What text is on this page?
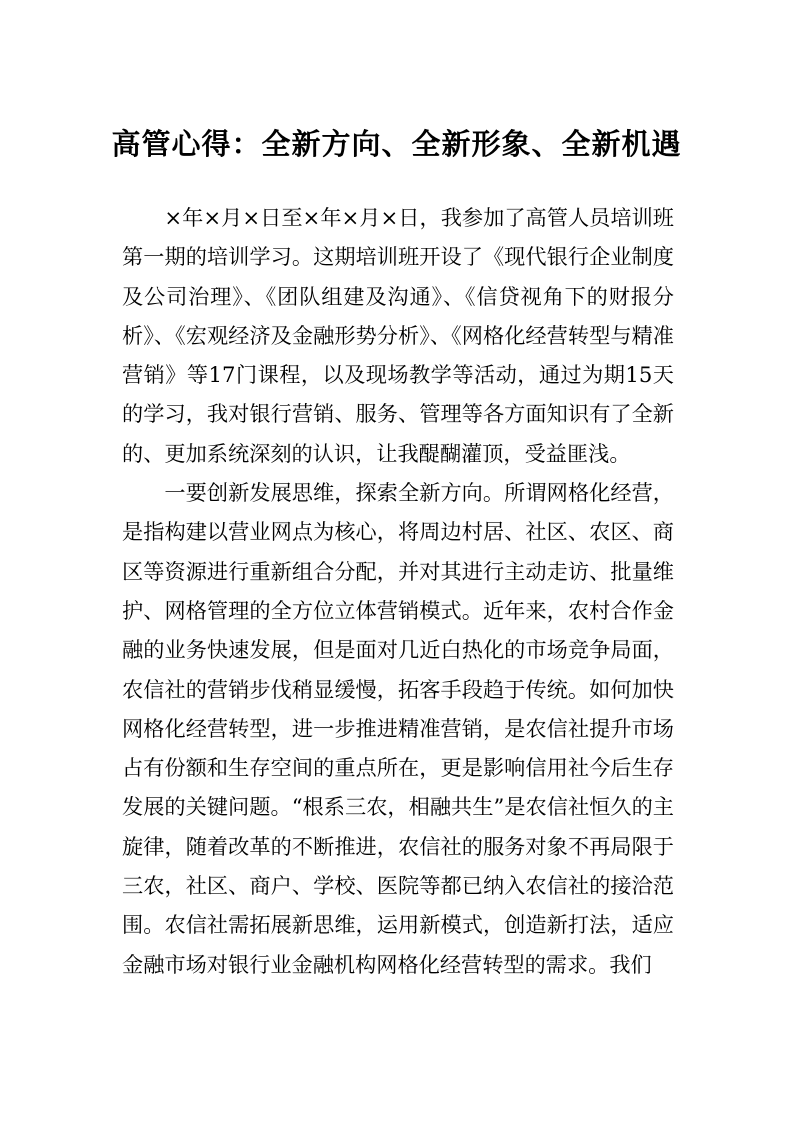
高管心得：全新方向、全新形象、全新机遇

×年×月×日至×年×月×日，我参加了高管人员培训班第一期的培训学习。这期培训班开设了《现代银行企业制度及公司治理》、《团队组建及沟通》、《信贷视角下的财报分析》、《宏观经济及金融形势分析》、《网格化经营转型与精准营销》等17门课程，以及现场教学等活动，通过为期15天的学习，我对银行营销、服务、管理等各方面知识有了全新的、更加系统深刻的认识，让我醍醐灌顶，受益匪浅。

一要创新发展思维，探索全新方向。所谓网格化经营，是指构建以营业网点为核心，将周边村居、社区、农区、商区等资源进行重新组合分配，并对其进行主动走访、批量维护、网格管理的全方位立体营销模式。近年来，农村合作金融的业务快速发展，但是面对几近白热化的市场竞争局面，农信社的营销步伐稍显缓慢，拓客手段趋于传统。如何加快网格化经营转型，进一步推进精准营销，是农信社提升市场占有份额和生存空间的重点所在，更是影响信用社今后生存发展的关键问题。“根系三农，相融共生”是农信社恒久的主旋律，随着改革的不断推进，农信社的服务对象不再局限于三农，社区、商户、学校、医院等都已纳入农信社的接洽范围。农信社需拓展新思维，运用新模式，创造新打法，适应金融市场对银行业金融机构网格化经营转型的需求。我们
